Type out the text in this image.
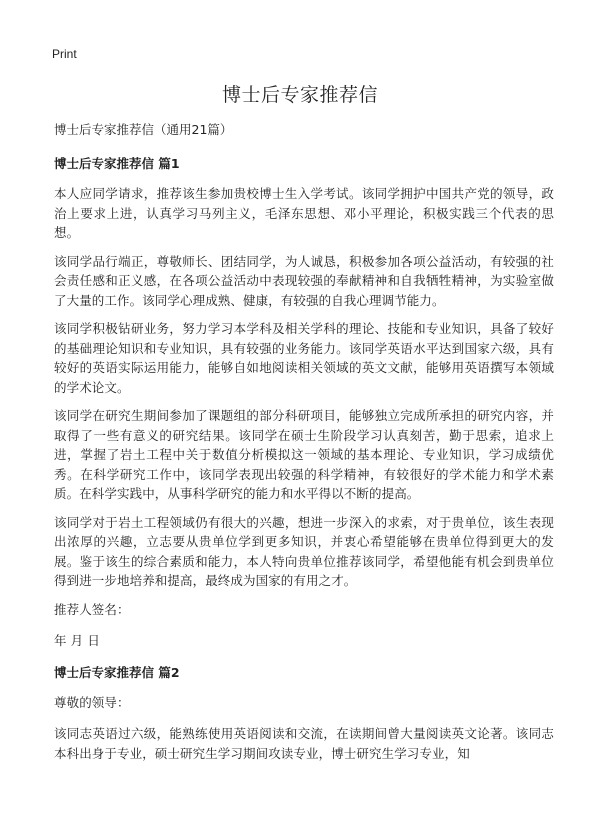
Print
博士后专家推荐信
博士后专家推荐信（通用21篇）
博士后专家推荐信 篇1

本人应同学请求，推荐该生参加贵校博士生入学考试。该同学拥护中国共产党的领导，政治上要求上进，认真学习马列主义，毛泽东思想、邓小平理论，积极实践三个代表的思想。

该同学品行端正，尊敬师长、团结同学，为人诚恳，积极参加各项公益活动，有较强的社会责任感和正义感，在各项公益活动中表现较强的奉献精神和自我牺牲精神，为实验室做了大量的工作。该同学心理成熟、健康，有较强的自我心理调节能力。

该同学积极钻研业务，努力学习本学科及相关学科的理论、技能和专业知识，具备了较好的基础理论知识和专业知识，具有较强的业务能力。该同学英语水平达到国家六级，具有较好的英语实际运用能力，能够自如地阅读相关领域的英文文献，能够用英语撰写本领域的学术论文。

该同学在研究生期间参加了课题组的部分科研项目，能够独立完成所承担的研究内容，并取得了一些有意义的研究结果。该同学在硕士生阶段学习认真刻苦，勤于思索，追求上进，掌握了岩土工程中关于数值分析模拟这一领域的基本理论、专业知识，学习成绩优秀。在科学研究工作中，该同学表现出较强的科学精神，有较很好的学术能力和学术素质。在科学实践中，从事科学研究的能力和水平得以不断的提高。

该同学对于岩土工程领域仍有很大的兴趣，想进一步深入的求索，对于贵单位，该生表现出浓厚的兴趣，立志要从贵单位学到更多知识，并衷心希望能够在贵单位得到更大的发展。鉴于该生的综合素质和能力，本人特向贵单位推荐该同学，希望他能有机会到贵单位得到进一步地培养和提高，最终成为国家的有用之才。

推荐人签名：

年 月 日

博士后专家推荐信 篇2

尊敬的领导：

该同志英语过六级，能熟练使用英语阅读和交流，在读期间曾大量阅读英文论著。该同志本科出身于专业，硕士研究生学习期间攻读专业，博士研究生学习专业，知
